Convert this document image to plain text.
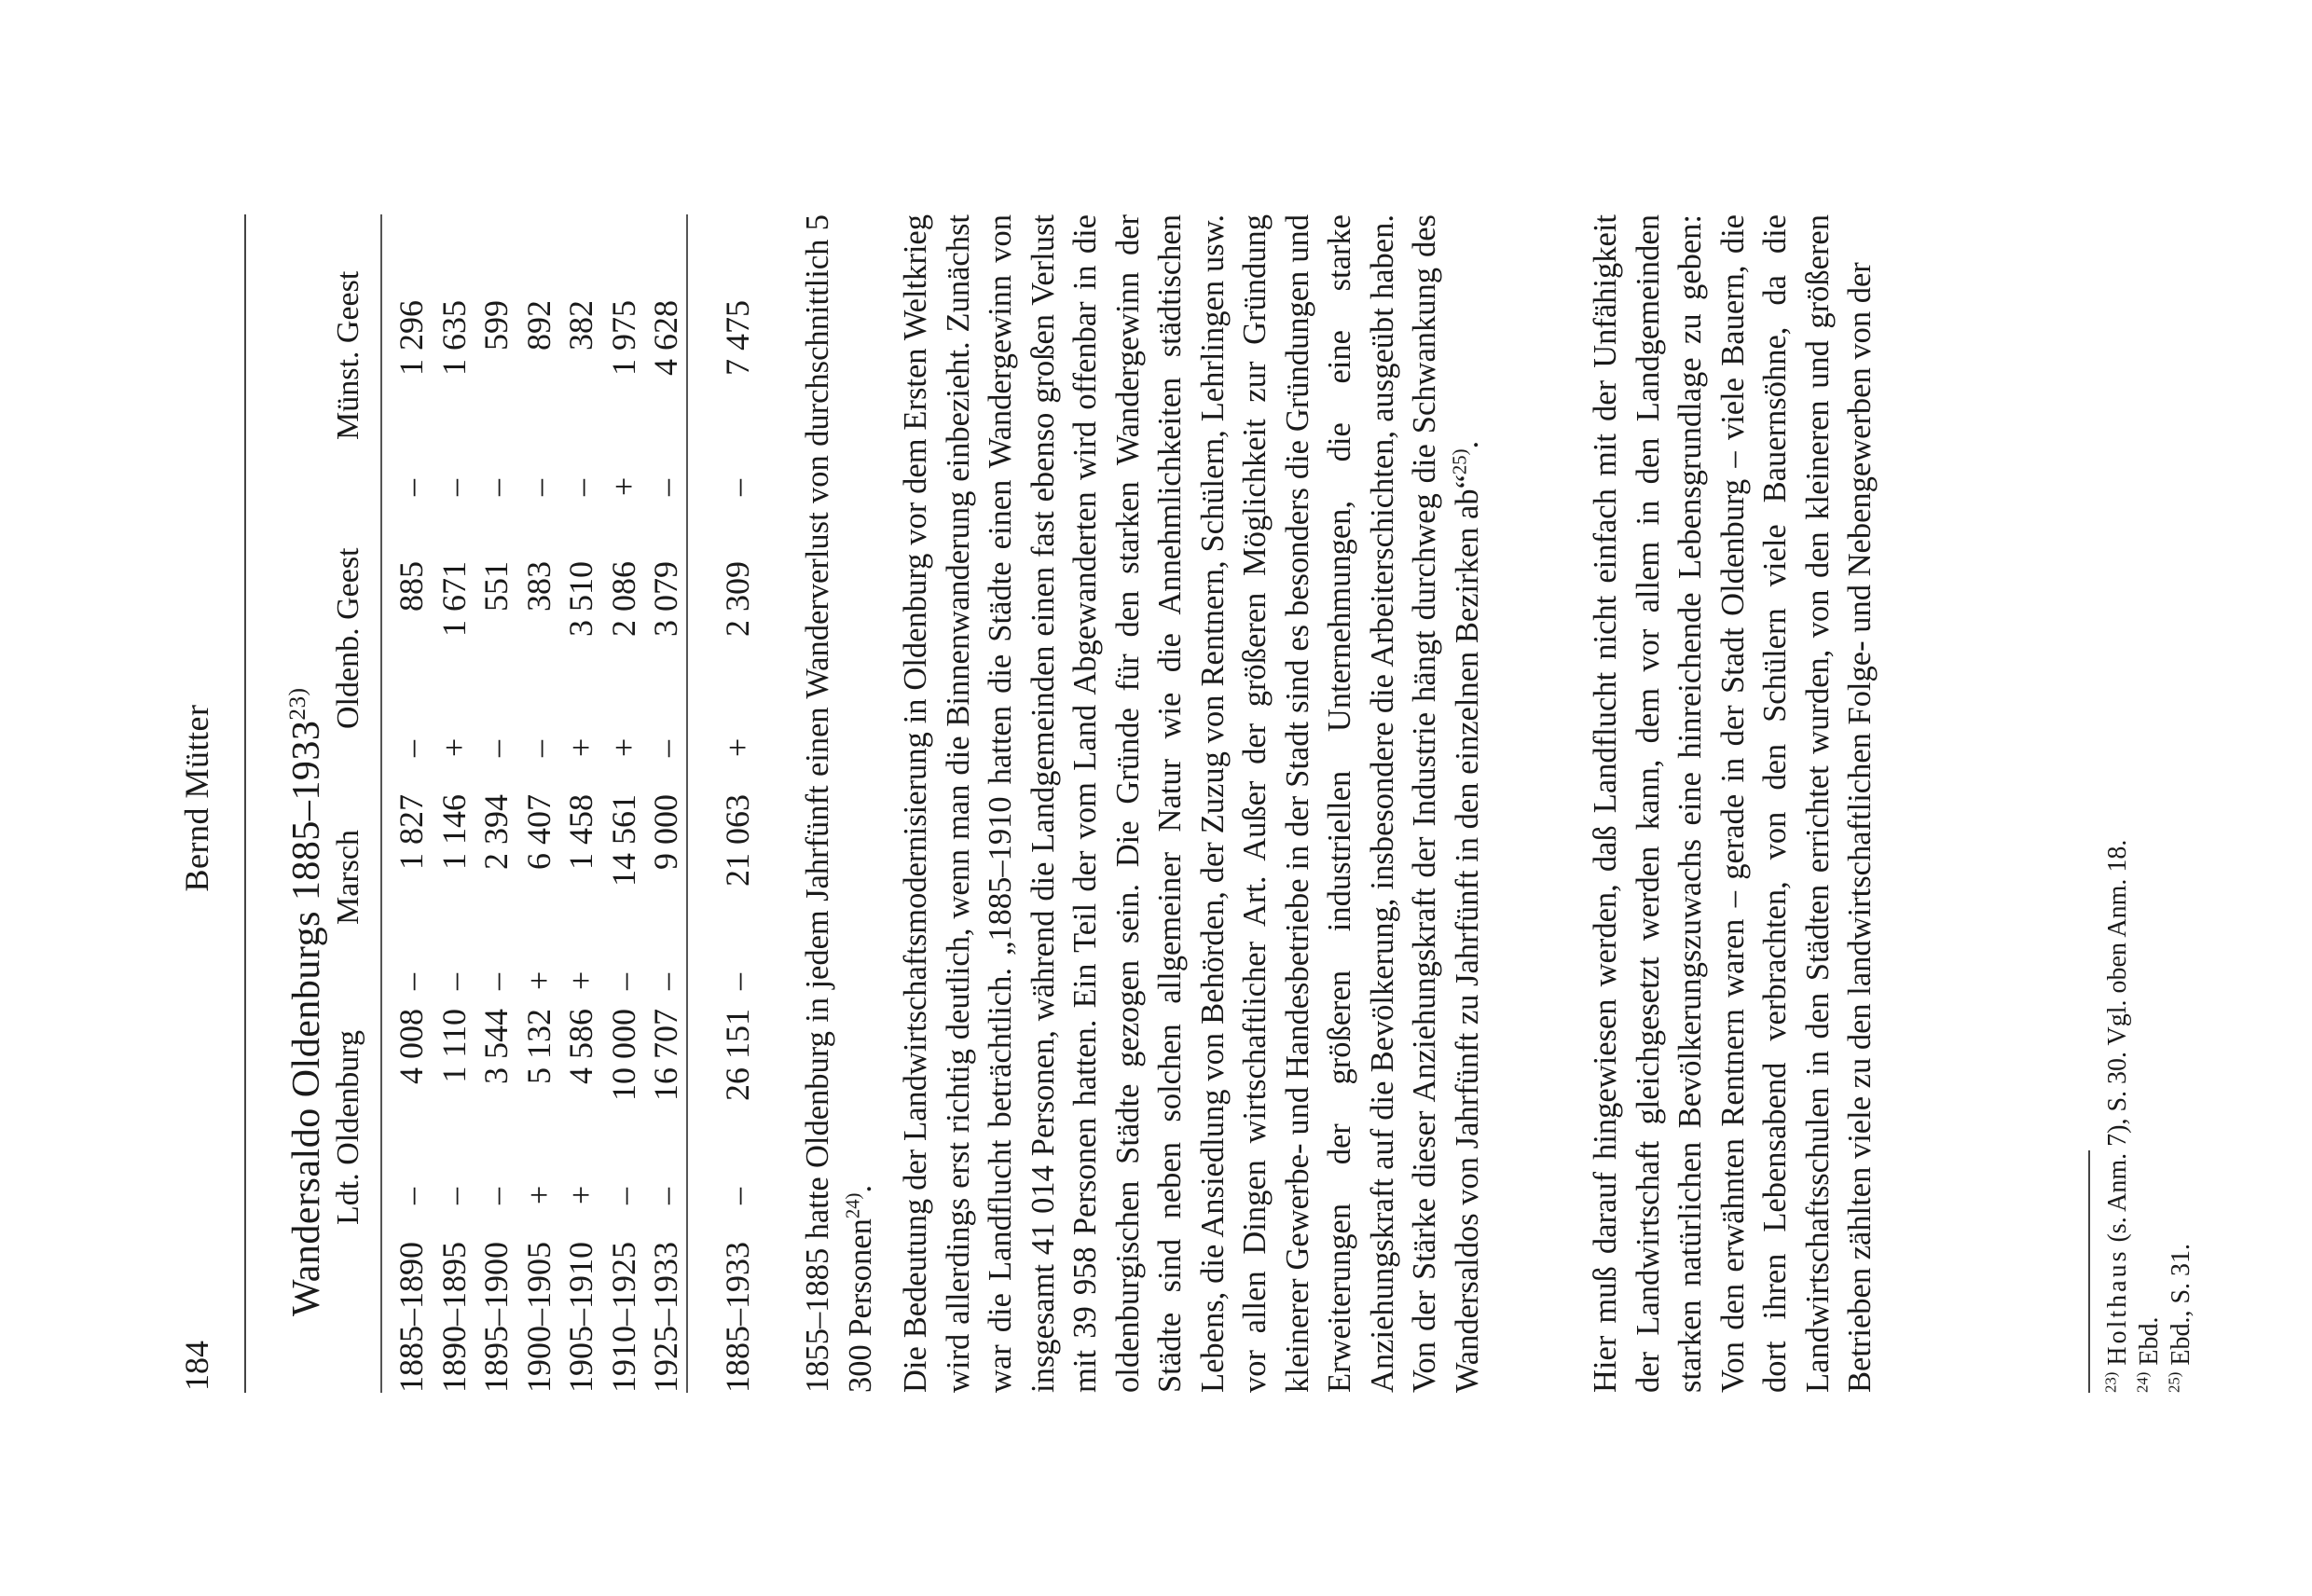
184
Bernd Mütter Wandersaldo Oldenburgs 1885–1933$^{23)}$
Ldt. Oldenburg
Marsch
Oldenb. Geest
Münst. Geest
1885–1890
–
4 008
–
1 827
–
885
–
1 296
1890–1895
–
1 110
–
1 146
+
1 671
–
1 635
1895–1900
–
3 544
–
2 394
–
551
–
599
1900–1905
+
5 132
+
6 407
–
383
–
892
1905–1910
+
4 586
+
1 458
+
3 510
–
382
1910–1925
–
10 000
–
14 561
+
2 086
+
1 975
1925–1933
–
16 707
–
9 000
–
3 079
–
4 628
1885–1933
–
26 151
–
21 063
+
2 309
–
7 475 1855–1885 hatte Oldenburg in jedem Jahrfünft einen Wanderverlust von durchschnittlich 5 300 Personen$^{24)}$. Die Bedeutung der Landwirtschaftsmodernisierung in Oldenburg vor dem Ersten Weltkrieg wird allerdings erst richtig deutlich, wenn man die Binnenwanderung einbezieht. Zunächst war die Landflucht beträchtlich. „1885–1910 hatten die Städte einen Wandergewinn von insgesamt 41 014 Personen, während die Landgemeinden einen fast ebenso großen Verlust mit 39 958 Personen hatten. Ein Teil der vom Land Abgewanderten wird offenbar in die oldenburgischen Städte gezogen sein. Die Gründe für den starken Wandergewinn der Städte sind neben solchen allgemeiner Natur wie die Annehmlichkeiten städtischen Lebens, die Ansiedlung von Behörden, der Zuzug von Rentnern, Schülern, Lehrlingen usw. vor allen Dingen wirtschaftlicher Art. Außer der größeren Möglichkeit zur Gründung kleinerer Gewerbe- und Handesbetriebe in der Stadt sind es besonders die Gründungen und Erweiterungen der größeren industriellen Unternehmungen, die eine starke Anziehungskraft auf die Bevölkerung, insbesondere die Arbeiterschichten, ausgeübt haben. Von der Stärke dieser Anziehungskraft der Industrie hängt durchweg die Schwankung des Wandersaldos von Jahrfünft zu Jahrfünft in den einzelnen Bezirken ab“$^{25)}$.	Hier muß darauf hingewiesen werden, daß Landflucht nicht einfach mit der Unfähigkeit der Landwirtschaft gleichgesetzt werden kann, dem vor allem in den Landgemeinden starken natürlichen Bevölkerungszuwachs eine hinreichende Lebensgrundlage zu geben: Von den erwähnten Rentnern waren – gerade in der Stadt Oldenburg – viele Bauern, die dort ihren Lebensabend verbrachten, von den Schülern viele Bauernsöhne, da die Landwirtschaftsschulen in den Städten errichtet wurden, von den kleineren und größeren Betrieben zählten viele zu den landwirtschaftlichen Folge- und Nebengewerben von der	$^{23)}$ Holthaus (s. Anm. 7), S. 30. Vgl. oben Anm. 18.
$^{24)}$ Ebd.
$^{25)}$ Ebd., S. 31.
